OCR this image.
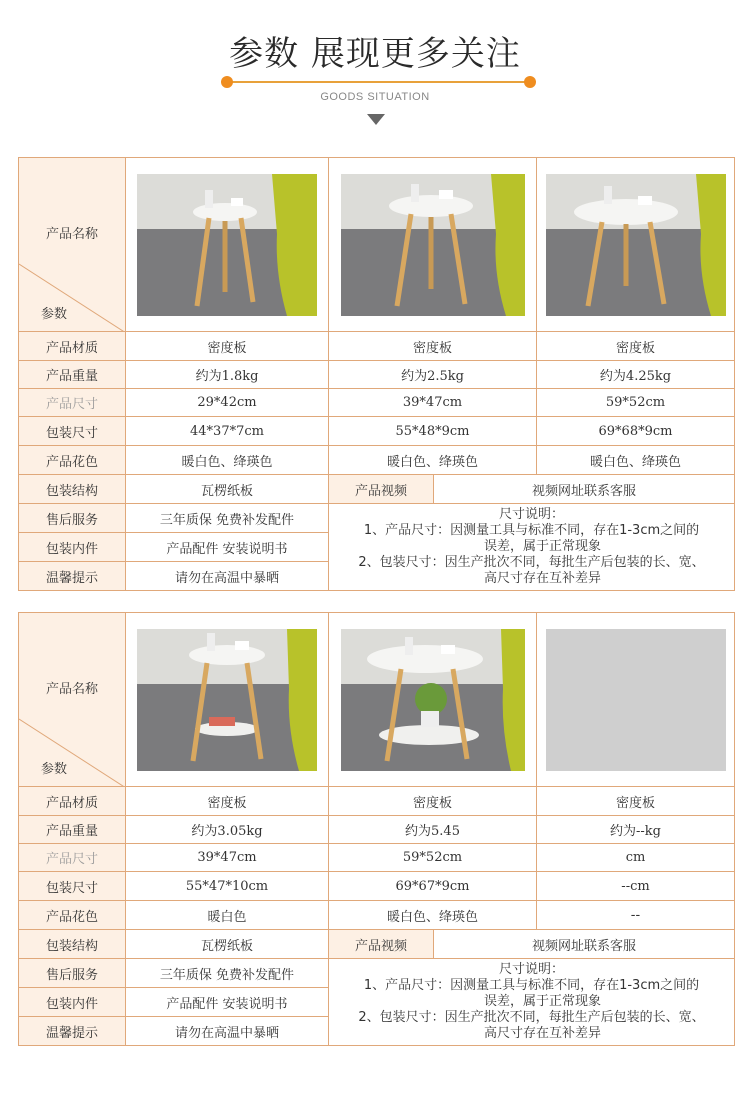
参数 展现更多关注
GOODS SITUATION
产品名称
参数

产品材质	密度板	密度板		密度板
产品重量	约为1.8kg	约为2.5kg		约为4.25kg
产品尺寸	29*42cm	39*47cm		59*52cm
包装尺寸	44*37*7cm	55*48*9cm		69*68*9cm
产品花色	暖白色、绛瑛色	暖白色、绛瑛色		暖白色、绛瑛色
包装结构	瓦楞纸板	产品视频	视频网址联系客服	
售后服务	三年质保 免费补发配件	尺寸说明：
1、产品尺寸：因测量工具与标准不同，存在1-3cm之间的
误差，属于正常现象
2、包装尺寸：因生产批次不同，每批生产后包装的长、宽、
高尺寸存在互补差异		

包装内件	产品配件 安装说明书			
温馨提示	请勿在高温中暴晒			
产品名称
参数

产品材质	密度板	密度板		密度板
产品重量	约为3.05kg	约为5.45		约为--kg
产品尺寸	39*47cm	59*52cm		cm
包装尺寸	55*47*10cm	69*67*9cm		--cm
产品花色	暖白色	暖白色、绛瑛色		--
包装结构	瓦楞纸板	产品视频	视频网址联系客服	
售后服务	三年质保 免费补发配件	尺寸说明：
1、产品尺寸：因测量工具与标准不同，存在1-3cm之间的
误差，属于正常现象
2、包装尺寸：因生产批次不同，每批生产后包装的长、宽、
高尺寸存在互补差异		

包装内件	产品配件 安装说明书			
温馨提示	请勿在高温中暴晒			
